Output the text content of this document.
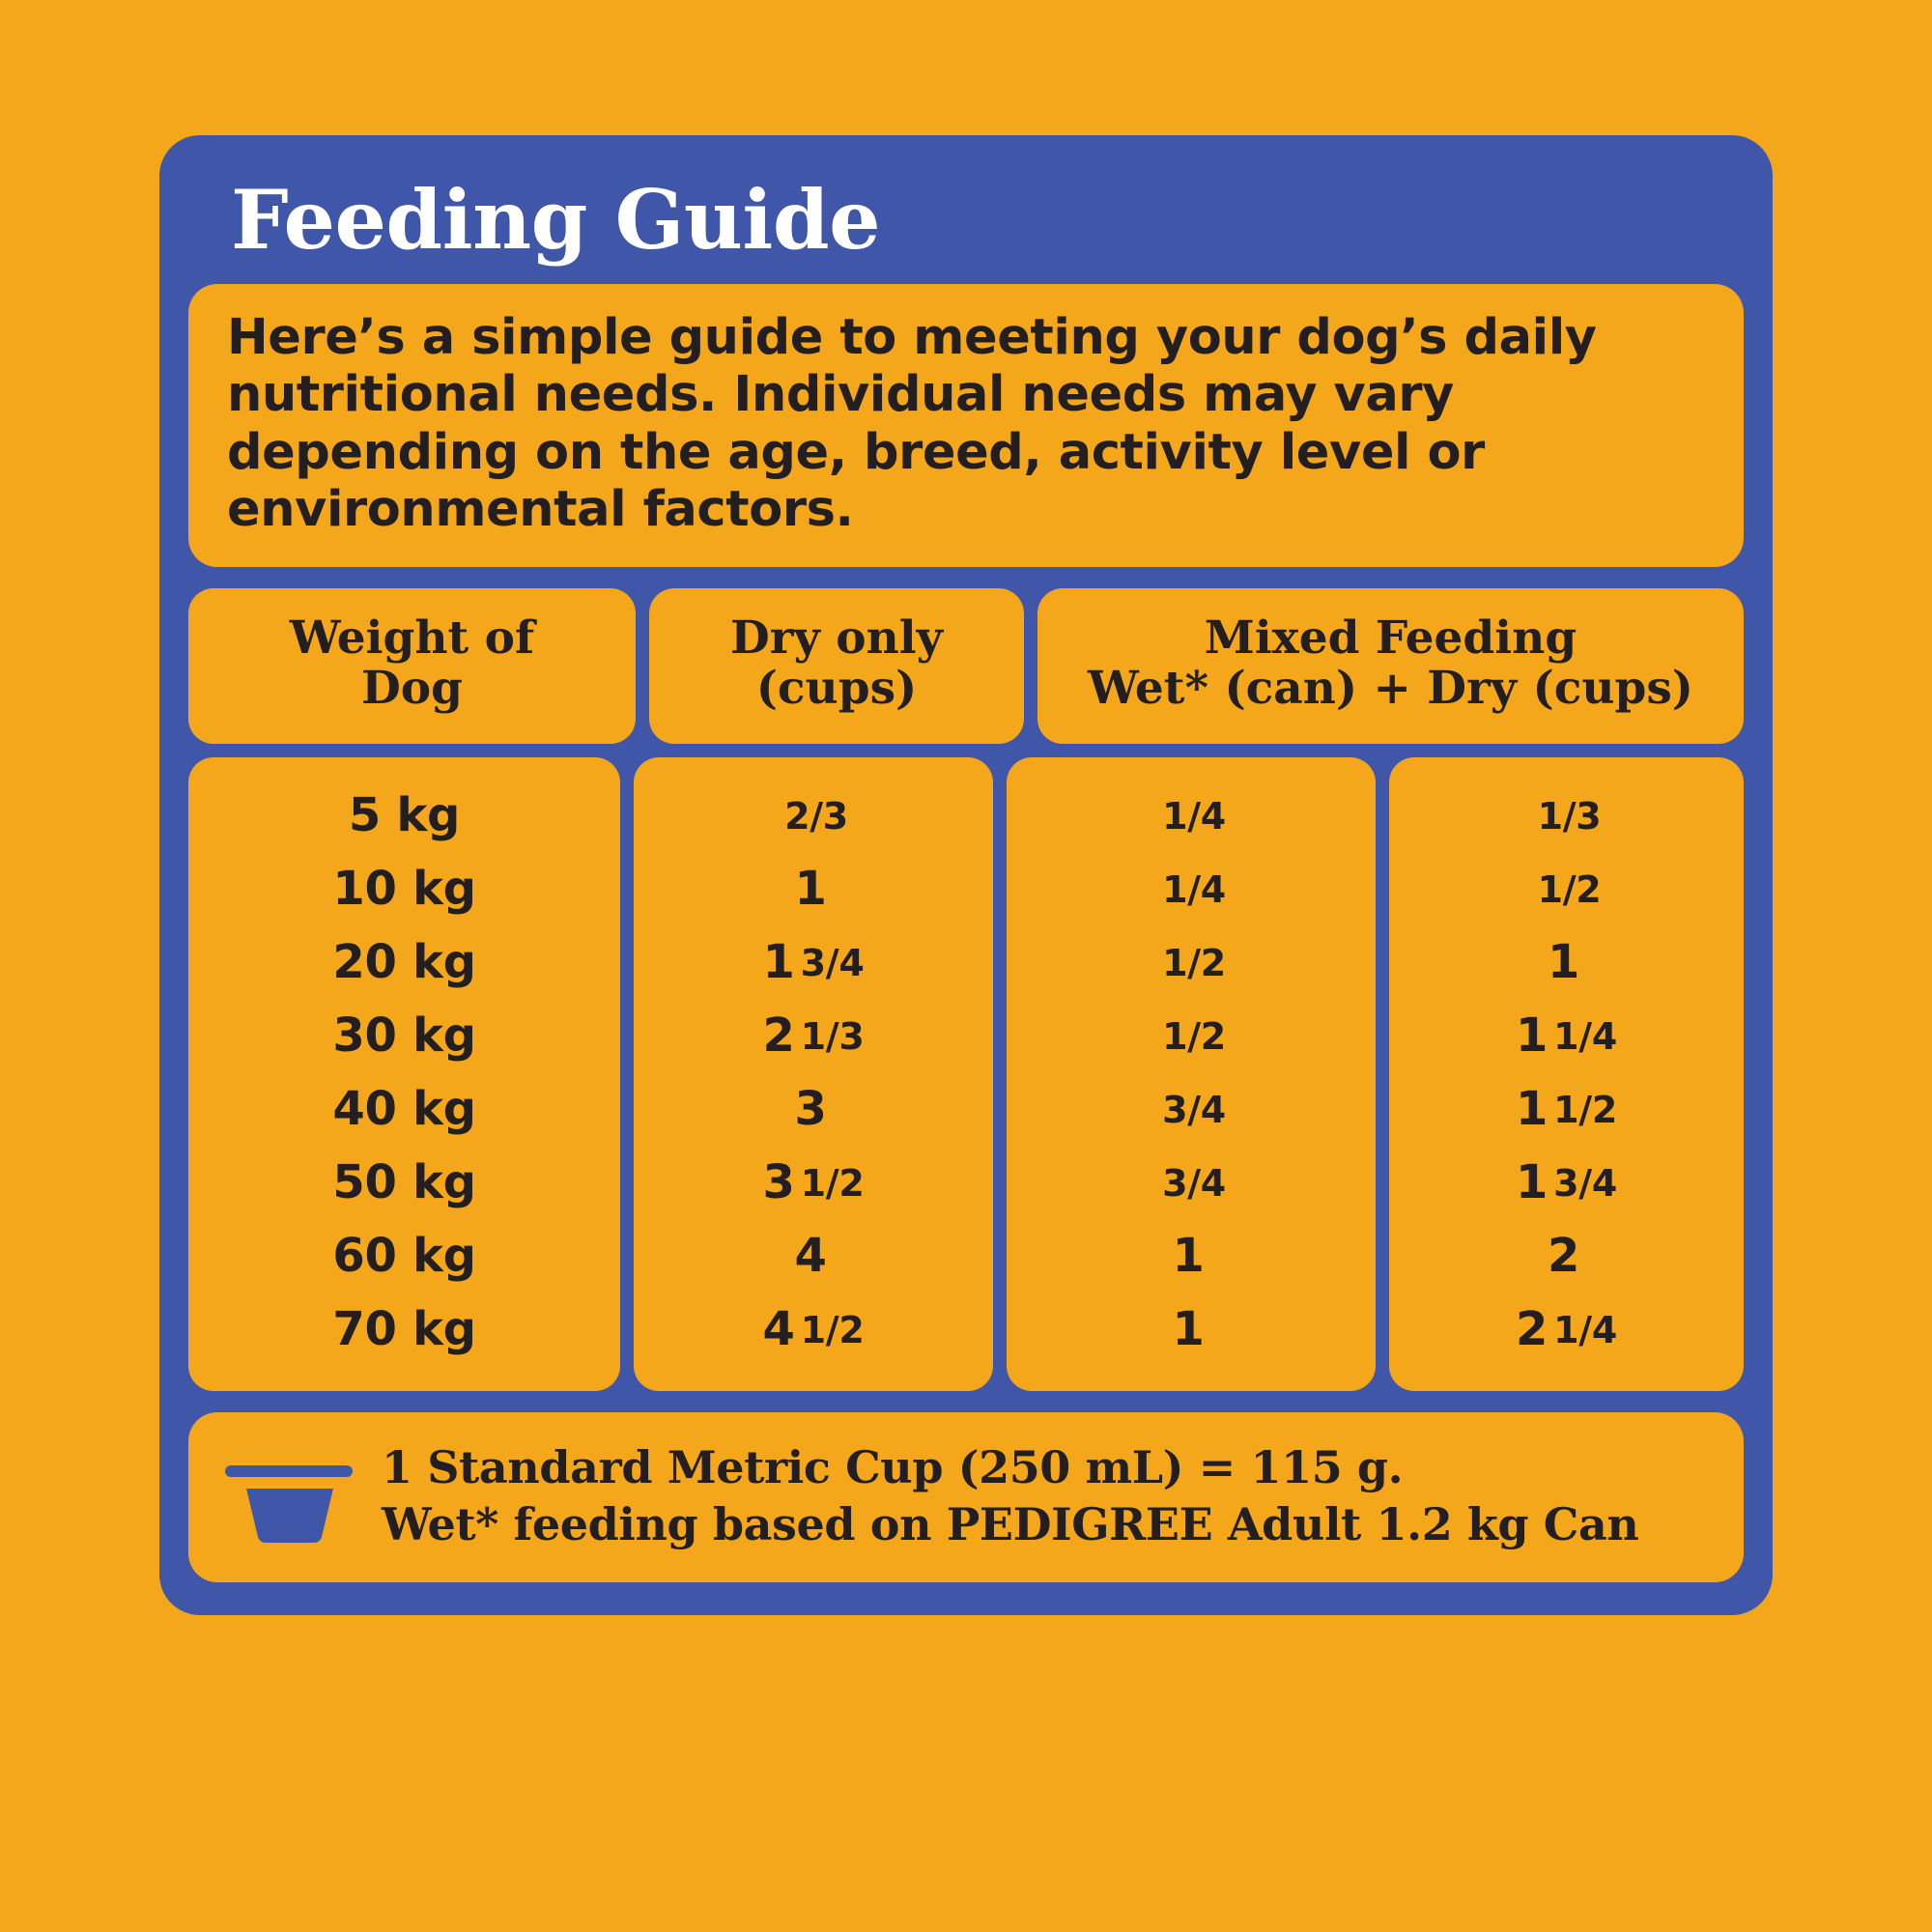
Feeding Guide
Here’s a simple guide to meeting your dog’s daily nutritional needs. Individual needs may vary depending on the age, breed, activity level or environmental factors.
Weight of
Dog
Dry only
(cups)
Mixed Feeding
Wet* (can) + Dry (cups)
5 kg
10 kg
20 kg
30 kg
40 kg
50 kg
60 kg
70 kg
2/3
1
1 3/4
2 1/3
3
3 1/2
4
4 1/2
1/4
1/4
1/2
1/2
3/4
3/4
1
1
1/3
1/2
1
1 1/4
1 1/2
1 3/4
2
2 1/4
1 Standard Metric Cup (250 mL) = 115 g.
Wet* feeding based on PEDIGREE Adult 1.2 kg Can
